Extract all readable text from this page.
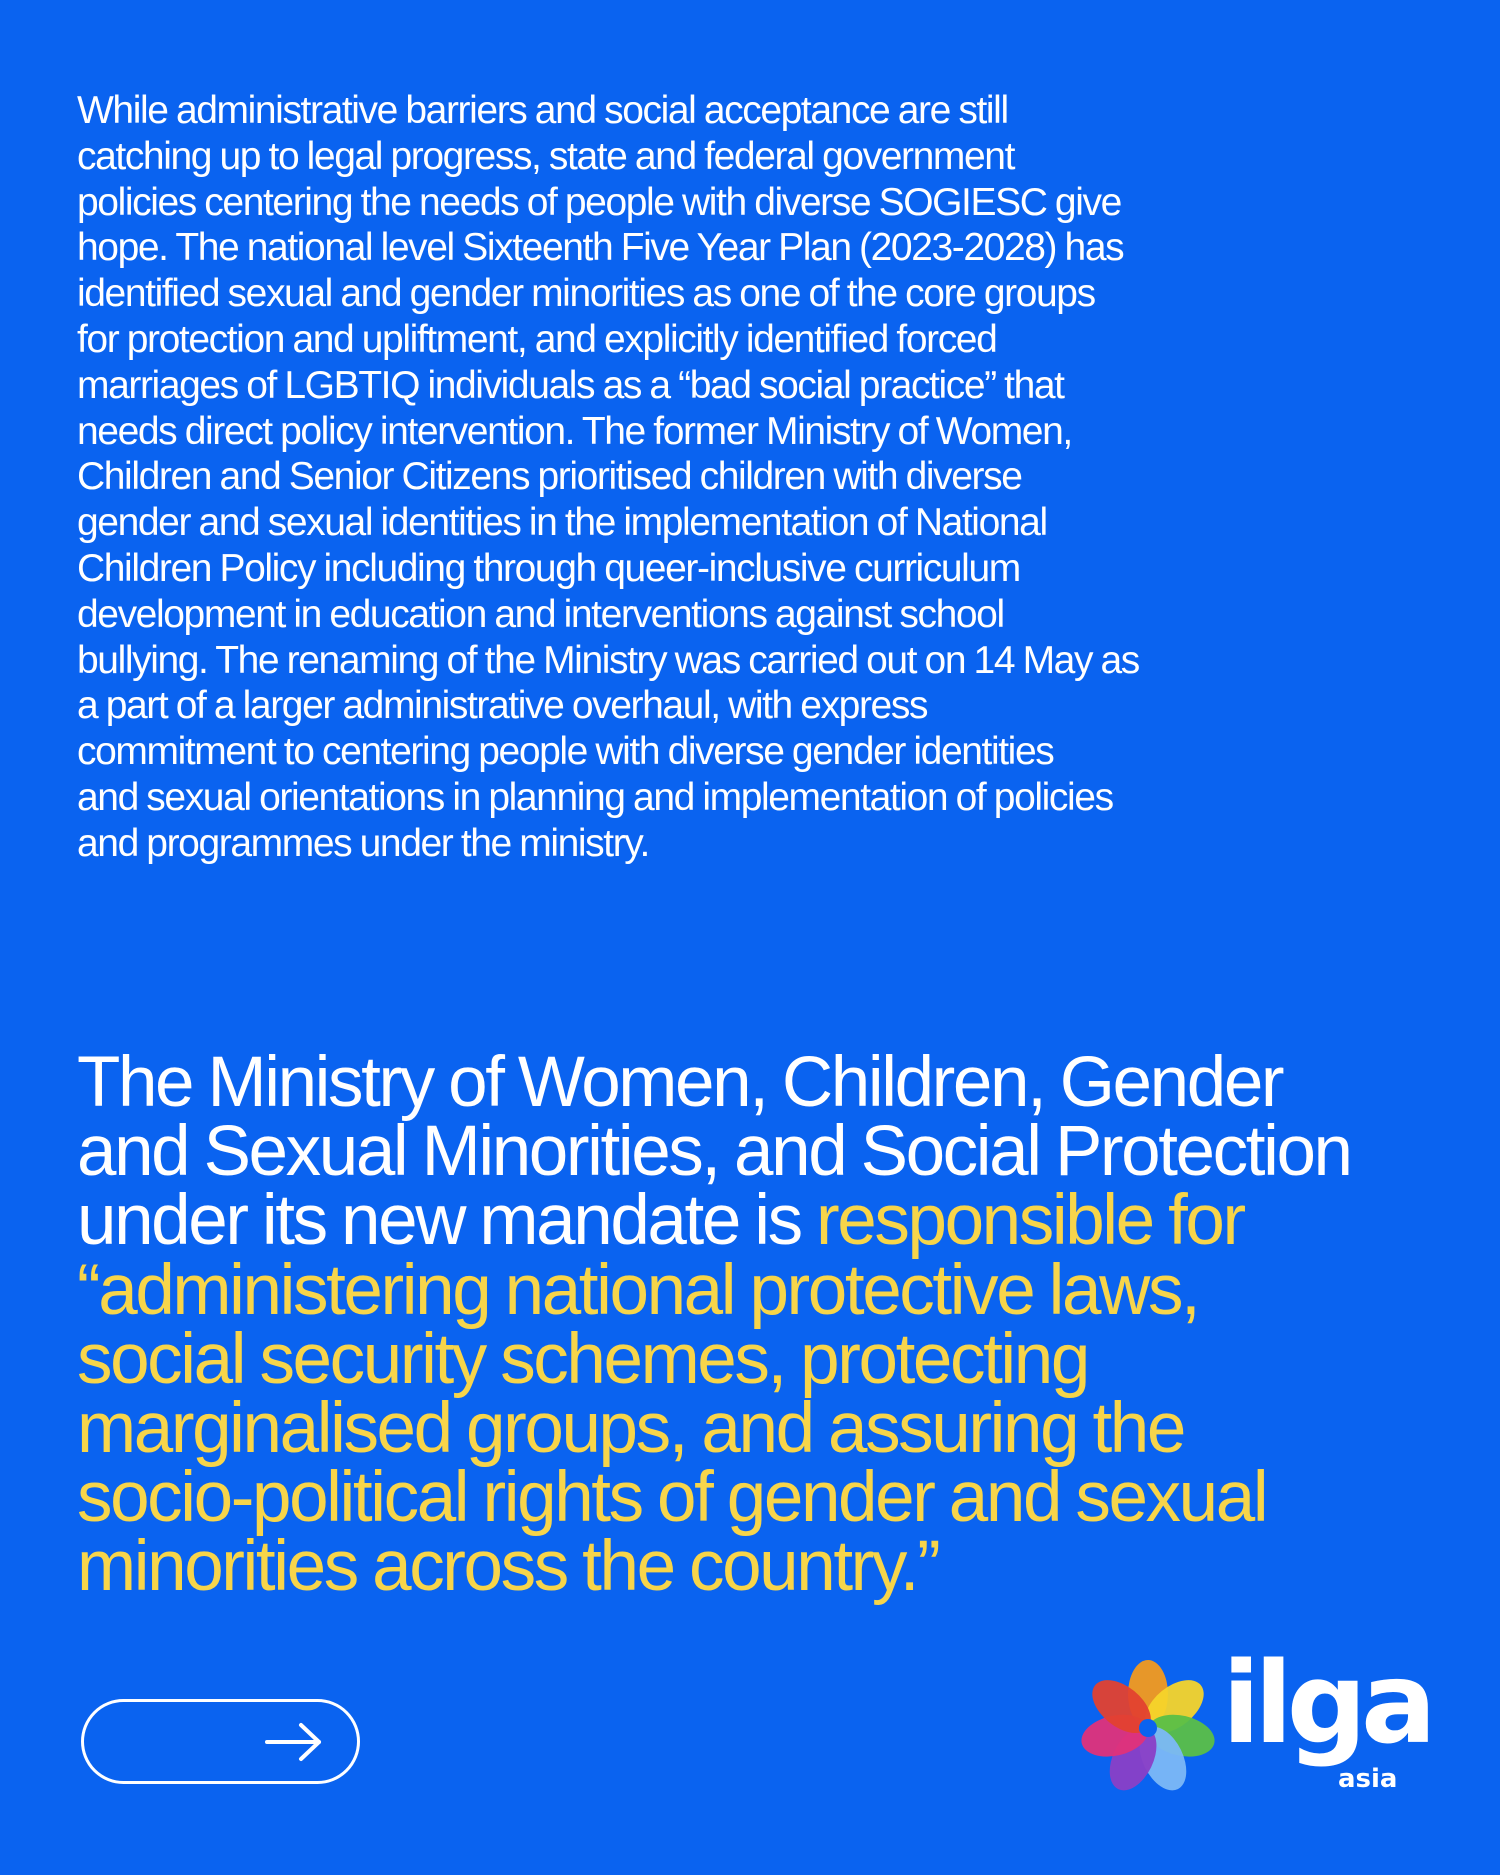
While administrative barriers and social acceptance are still
catching up to legal progress, state and federal government
policies centering the needs of people with diverse SOGIESC give
hope. The national level Sixteenth Five Year Plan (2023-2028) has
identified sexual and gender minorities as one of the core groups
for protection and upliftment, and explicitly identified forced
marriages of LGBTIQ individuals as a “bad social practice” that
needs direct policy intervention. The former Ministry of Women,
Children and Senior Citizens prioritised children with diverse
gender and sexual identities in the implementation of National
Children Policy including through queer-inclusive curriculum
development in education and interventions against school
bullying. The renaming of the Ministry was carried out on 14 May as
a part of a larger administrative overhaul, with express
commitment to centering people with diverse gender identities
and sexual orientations in planning and implementation of policies
and programmes under the ministry.
The Ministry of Women, Children, Gender
and Sexual Minorities, and Social Protection
under its new mandate is responsible for
“administering national protective laws,
social security schemes, protecting
marginalised groups, and assuring the
socio-political rights of gender and sexual
minorities across the country.”
ilga
asia
